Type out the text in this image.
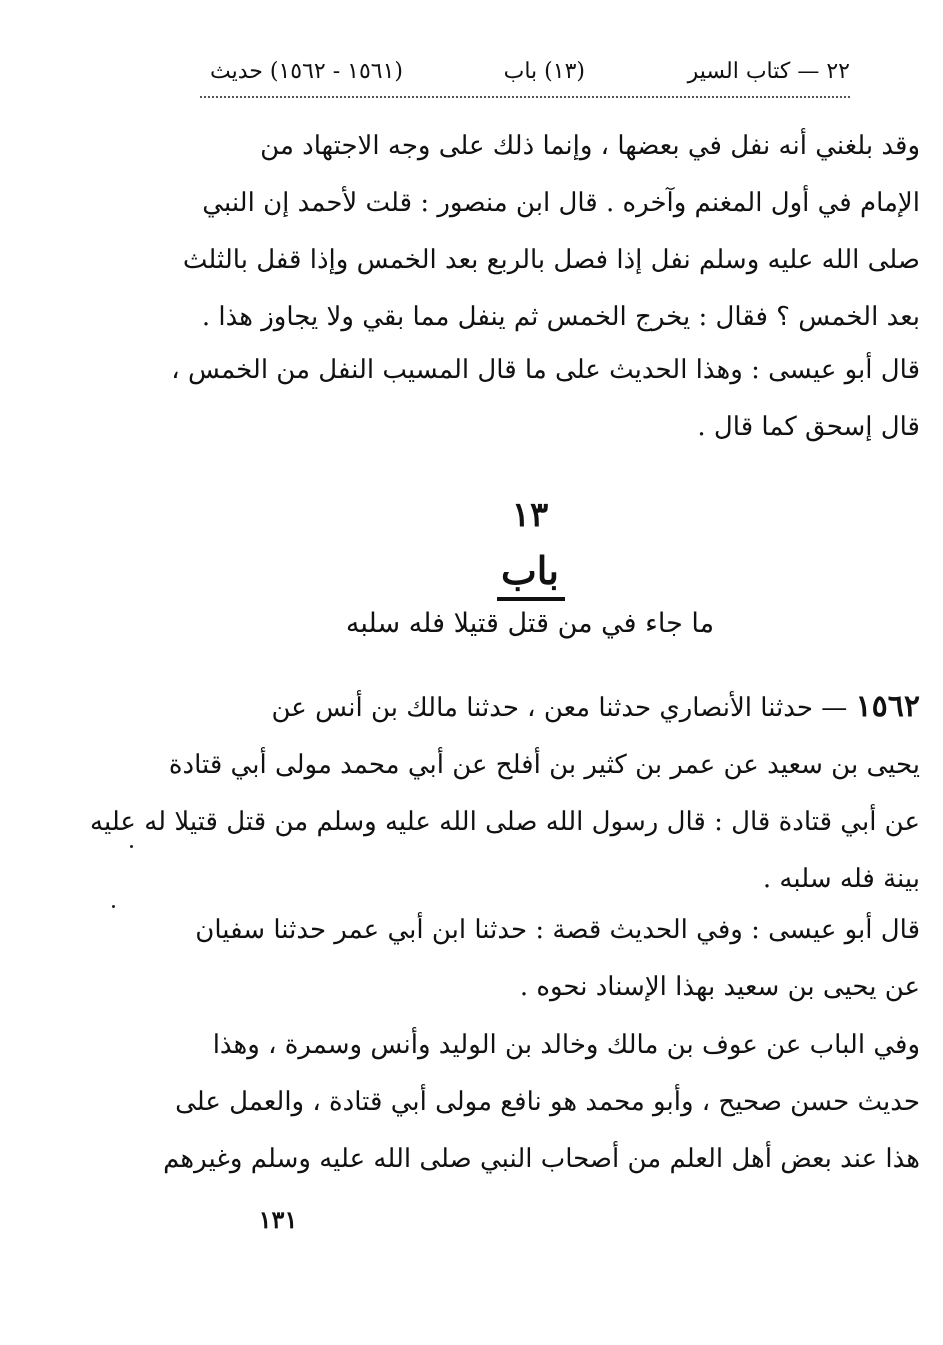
٢٢ — كتاب السير
(١٣) باب
(١٥٦١ - ١٥٦٢) حديث
وقد بلغني أنه نفل في بعضها ، وإنما ذلك على وجه الاجتهاد من
الإمام في أول المغنم وآخره . قال ابن منصور : قلت لأحمد إن النبي
صلى الله عليه وسلم نفل إذا فصل بالربع بعد الخمس وإذا قفل بالثلث
بعد الخمس ؟ فقال : يخرج الخمس ثم ينفل مما بقي ولا يجاوز هذا .
قال أبو عيسى : وهذا الحديث على ما قال المسيب النفل من الخمس ،
قال إسحق كما قال .
١٣
باب
ما جاء في من قتل قتيلا فله سلبه
١٥٦٢ — حدثنا الأنصاري حدثنا معن ، حدثنا مالك بن أنس عن
يحيى بن سعيد عن عمر بن كثير بن أفلح عن أبي محمد مولى أبي قتادة
عن أبي قتادة قال : قال رسول الله صلى الله عليه وسلم من قتل قتيلا له عليه
بينة فله سلبه .
قال أبو عيسى : وفي الحديث قصة : حدثنا ابن أبي عمر حدثنا سفيان
عن يحيى بن سعيد بهذا الإسناد نحوه .
وفي الباب عن عوف بن مالك وخالد بن الوليد وأنس وسمرة ، وهذا
حديث حسن صحيح ، وأبو محمد هو نافع مولى أبي قتادة ، والعمل على
هذا عند بعض أهل العلم من أصحاب النبي صلى الله عليه وسلم وغيرهم
١٣١
